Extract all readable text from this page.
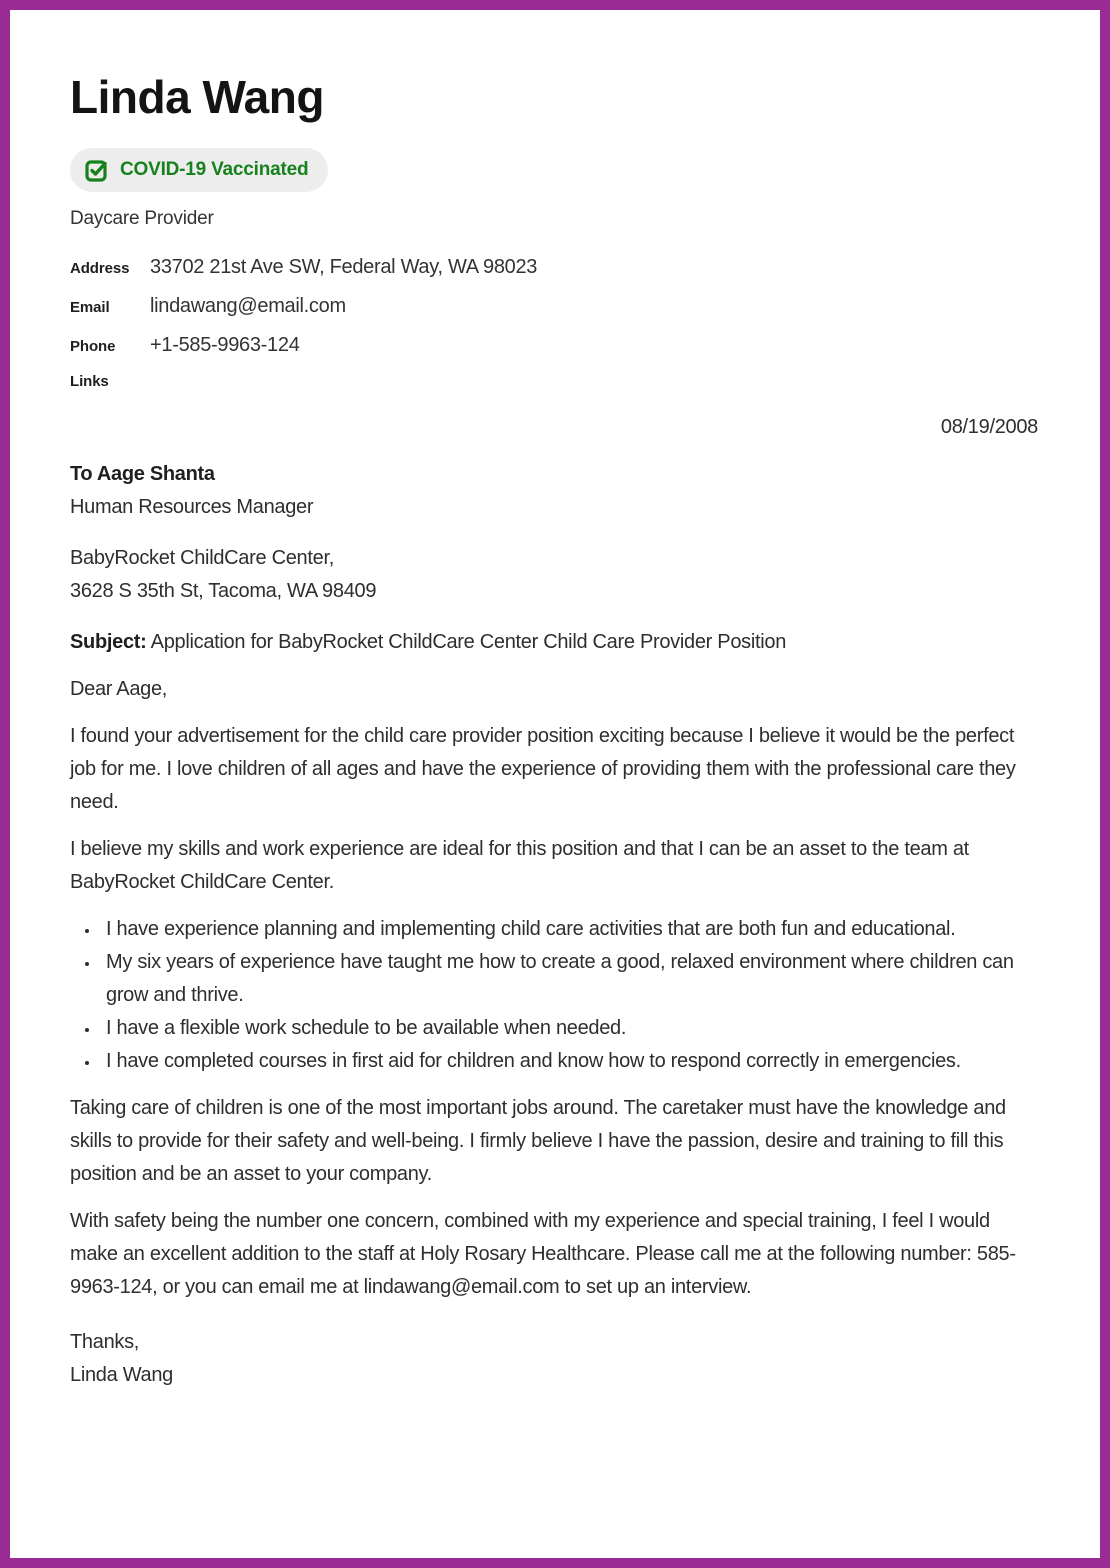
Linda Wang
COVID-19 Vaccinated
Daycare Provider
Address	33702 21st Ave SW, Federal Way, WA 98023
Email	lindawang@email.com
Phone	+1-585-9963-124
Links
08/19/2008
To Aage Shanta
Human Resources Manager
BabyRocket ChildCare Center,
3628 S 35th St, Tacoma, WA 98409
Subject: Application for BabyRocket ChildCare Center Child Care Provider Position
Dear Aage,

I found your advertisement for the child care provider position exciting because I believe it would be the perfect job for me. I love children of all ages and have the experience of providing them with the professional care they need.

I believe my skills and work experience are ideal for this position and that I can be an asset to the team at BabyRocket ChildCare Center.

• I have experience planning and implementing child care activities that are both fun and educational.
• My six years of experience have taught me how to create a good, relaxed environment where children can grow and thrive.
• I have a flexible work schedule to be available when needed.
• I have completed courses in first aid for children and know how to respond correctly in emergencies.

Taking care of children is one of the most important jobs around. The caretaker must have the knowledge and skills to provide for their safety and well-being. I firmly believe I have the passion, desire and training to fill this position and be an asset to your company.

With safety being the number one concern, combined with my experience and special training, I feel I would make an excellent addition to the staff at Holy Rosary Healthcare. Please call me at the following number: 585-9963-124, or you can email me at lindawang@email.com to set up an interview.

Thanks,
Linda Wang
